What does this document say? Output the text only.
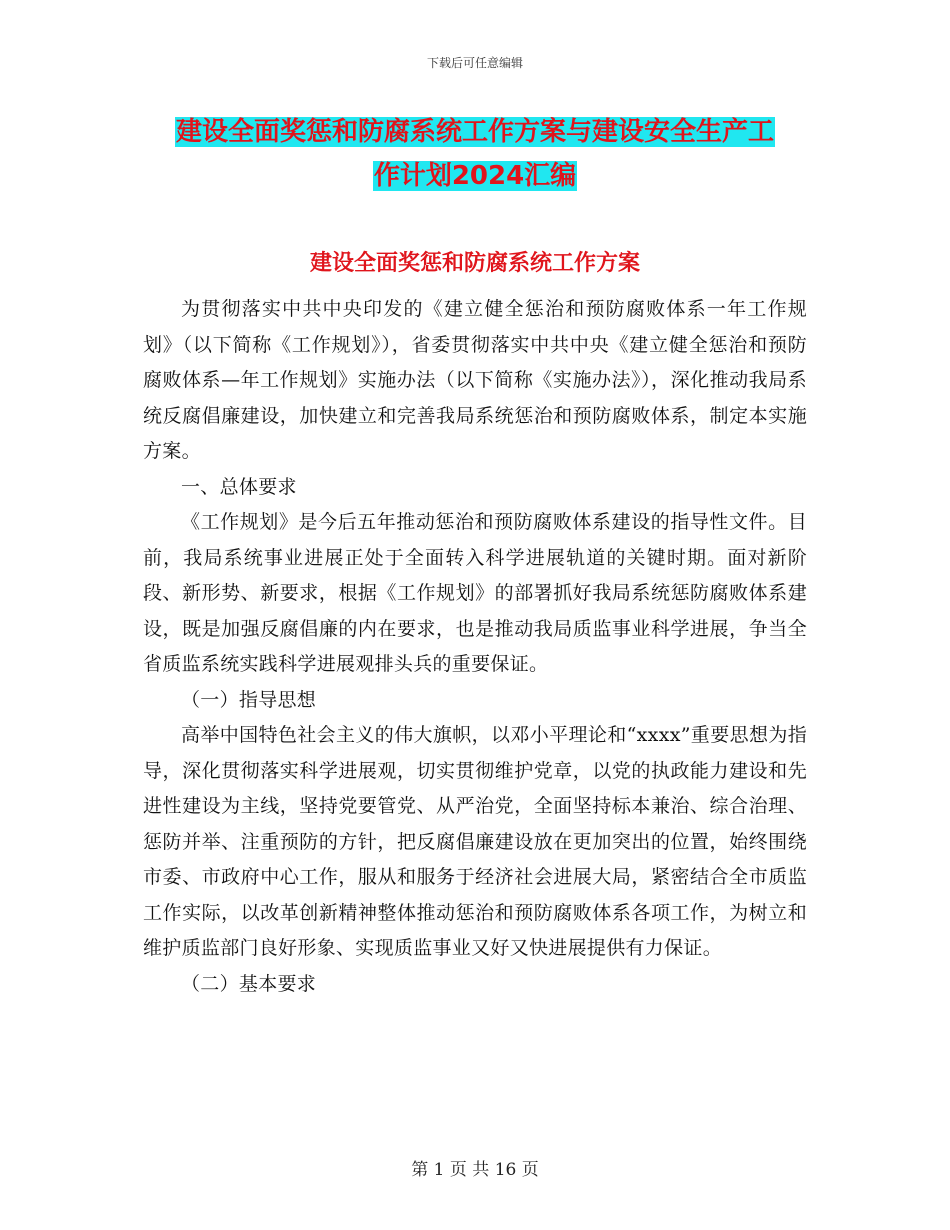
下载后可任意编辑
建设全面奖惩和防腐系统工作方案与建设安全生产工
作计划2024汇编
建设全面奖惩和防腐系统工作方案

为贯彻落实中共中央印发的《建立健全惩治和预防腐败体系一年工作规划》（以下简称《工作规划》），省委贯彻落实中共中央《建立健全惩治和预防腐败体系—年工作规划》实施办法（以下简称《实施办法》），深化推动我局系统反腐倡廉建设，加快建立和完善我局系统惩治和预防腐败体系，制定本实施方案。

一、总体要求

《工作规划》是今后五年推动惩治和预防腐败体系建设的指导性文件。目前，我局系统事业进展正处于全面转入科学进展轨道的关键时期。面对新阶段、新形势、新要求，根据《工作规划》的部署抓好我局系统惩防腐败体系建设，既是加强反腐倡廉的内在要求，也是推动我局质监事业科学进展，争当全省质监系统实践科学进展观排头兵的重要保证。

（一）指导思想

高举中国特色社会主义的伟大旗帜，以邓小平理论和“xxxx”重要思想为指导，深化贯彻落实科学进展观，切实贯彻维护党章，以党的执政能力建设和先进性建设为主线，坚持党要管党、从严治党，全面坚持标本兼治、综合治理、惩防并举、注重预防的方针，把反腐倡廉建设放在更加突出的位置，始终围绕市委、市政府中心工作，服从和服务于经济社会进展大局，紧密结合全市质监工作实际，以改革创新精神整体推动惩治和预防腐败体系各项工作，为树立和维护质监部门良好形象、实现质监事业又好又快进展提供有力保证。

（二）基本要求

第 1 页 共 16 页
